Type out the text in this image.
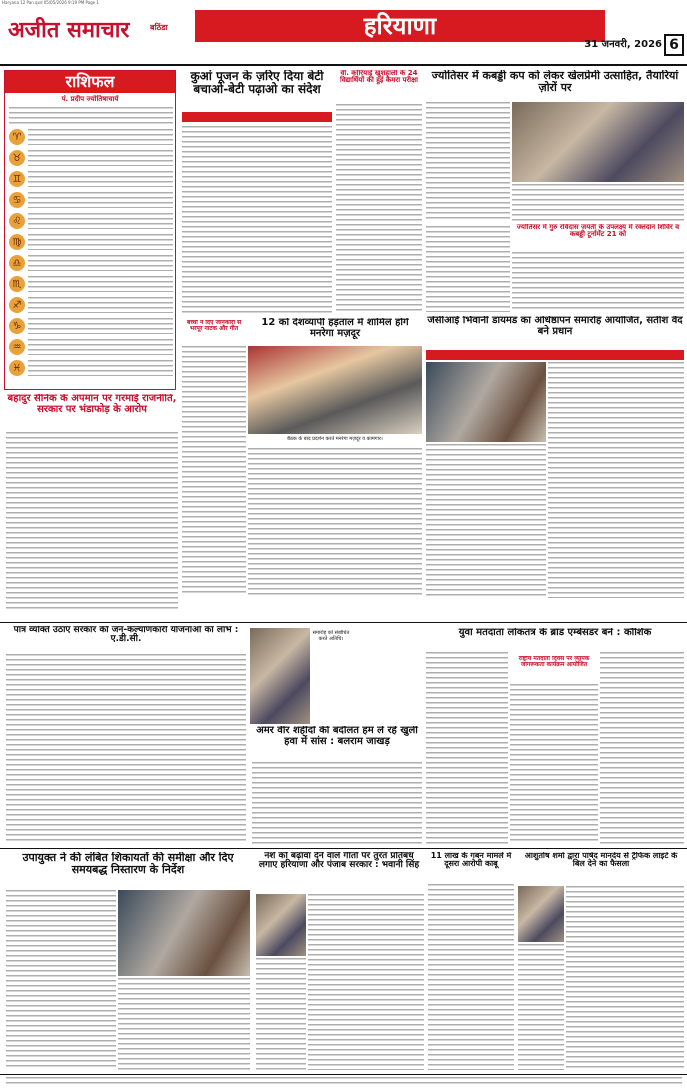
Haryana 12 Pan.qxd 05/05/2026 9:19 PM Page 1
अजीत समाचार	बठिंडा	हरियाणा
31 जनवरी, 2026 6
राशिफल
पं. प्रदीप ज्योतिषाचार्य
♈
♉
♊
♋
♌
♍
♎
♏
♐
♑
♒
♓
बहादुर सैनिक के अपमान पर गरमाई राजनीति, सरकार पर भंडाफोड़ के आरोप
कुआं पूजन के ज़रिए दिया बेटी बचाओ-बेटी पढ़ाओ का संदेश
वी. कोरियाई खुशहाली के 24 विद्यार्थियों की हुई कैमरा परीक्षा	ज्योतिसर में कबड्डी कप को लेकर खेलप्रेमी उत्साहित, तैयारियां ज़ोरों पर
ज्योतिसर में गुरु रविदास जयंती के उपलक्ष्य में रक्तदान शिविर व कबड्डी टूर्नामेंट 21 को
12 को देशव्यापी हड़ताल में शामिल होंगे मनरेगा मज़दूर
बच्चों ने दिए जानकारी से भरपूर नाटक और गीत
बैठक के बाद प्रदर्शन करते मनरेगा मज़दूर व कामगार।
जेसीआई भिवानी डायमंड का अधिष्ठापन समारोह आयोजित, सतीश वैद बने प्रधान
पात्र व्यक्ति उठाएं सरकार की जन-कल्याणकारी योजनाओं का लाभ : ए.डी.सी.
समारोह को संबोधित करते अतिथि।
अमर वीर शहीदों की बदौलत हम लें रहे खुली हवा में सांस : बलराम जाखड़
युवा मतदाता लोकतंत्र के ब्रांड एम्बेसडर बनें : कौशिक
राष्ट्रीय मतदाता दिवस पर व्यापक जागरूकता कार्यक्रम आयोजित
उपायुक्त ने की लंबित शिकायतों की समीक्षा और दिए समयबद्ध निस्तारण के निर्देश
नशे को बढ़ावा देने वाले गीतों पर तुरंत प्रतिबंध लगाए हरियाणा और पंजाब सरकार : भवानी सिंह
11 लाख के गबन मामले में दूसरा आरोपी काबू
आशुतोष शर्मा द्वारा पार्षद मानदेय से ट्रैफिक लाइटें के बिल देने का फैसला
